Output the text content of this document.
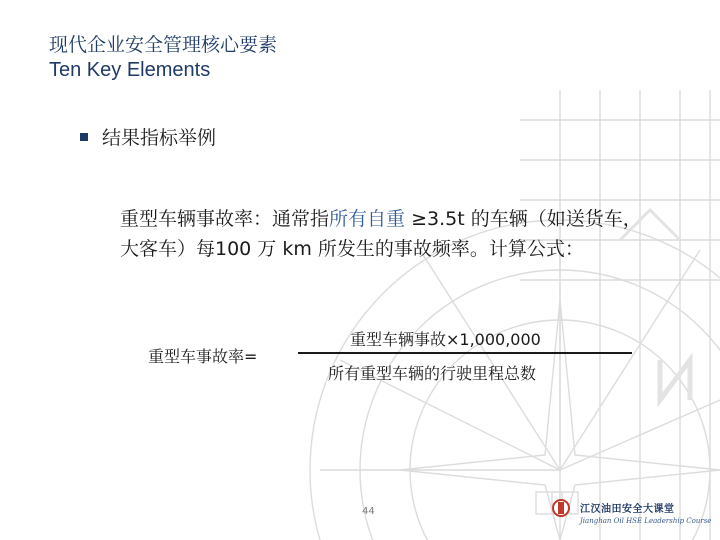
现代企业安全管理核心要素
Ten Key Elements
结果指标举例
重型车辆事故率：通常指所有自重 ≥3.5t 的车辆（如送货车，大客车）每100 万 km 所发生的事故频率。计算公式：
重型车事故率=
重型车辆事故×1,000,000
所有重型车辆的行驶里程总数
44	江汉油田安全大课堂
Jianghan Oil HSE Leadership Course
